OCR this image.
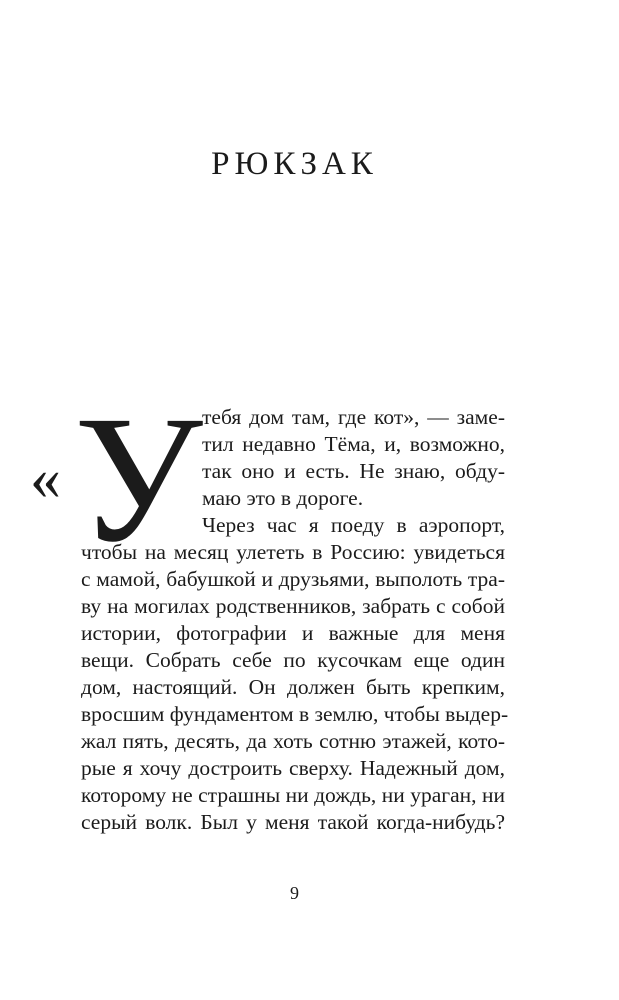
РЮКЗАК
« У тебя дом там, где кот», — заме-
тил недавно Тёма, и, возможно,
так оно и есть. Не знаю, обду-
маю это в дороге.
Через час я поеду в аэропорт,
чтобы на месяц улететь в Россию: увидеться
с мамой, бабушкой и друзьями, выполоть тра-
ву на могилах родственников, забрать с собой
истории, фотографии и важные для меня
вещи. Собрать себе по кусочкам еще один
дом, настоящий. Он должен быть крепким,
вросшим фундаментом в землю, чтобы выдер-
жал пять, десять, да хоть сотню этажей, кото-
рые я хочу достроить сверху. Надежный дом,
которому не страшны ни дождь, ни ураган, ни
серый волк. Был у меня такой когда-нибудь?
9
